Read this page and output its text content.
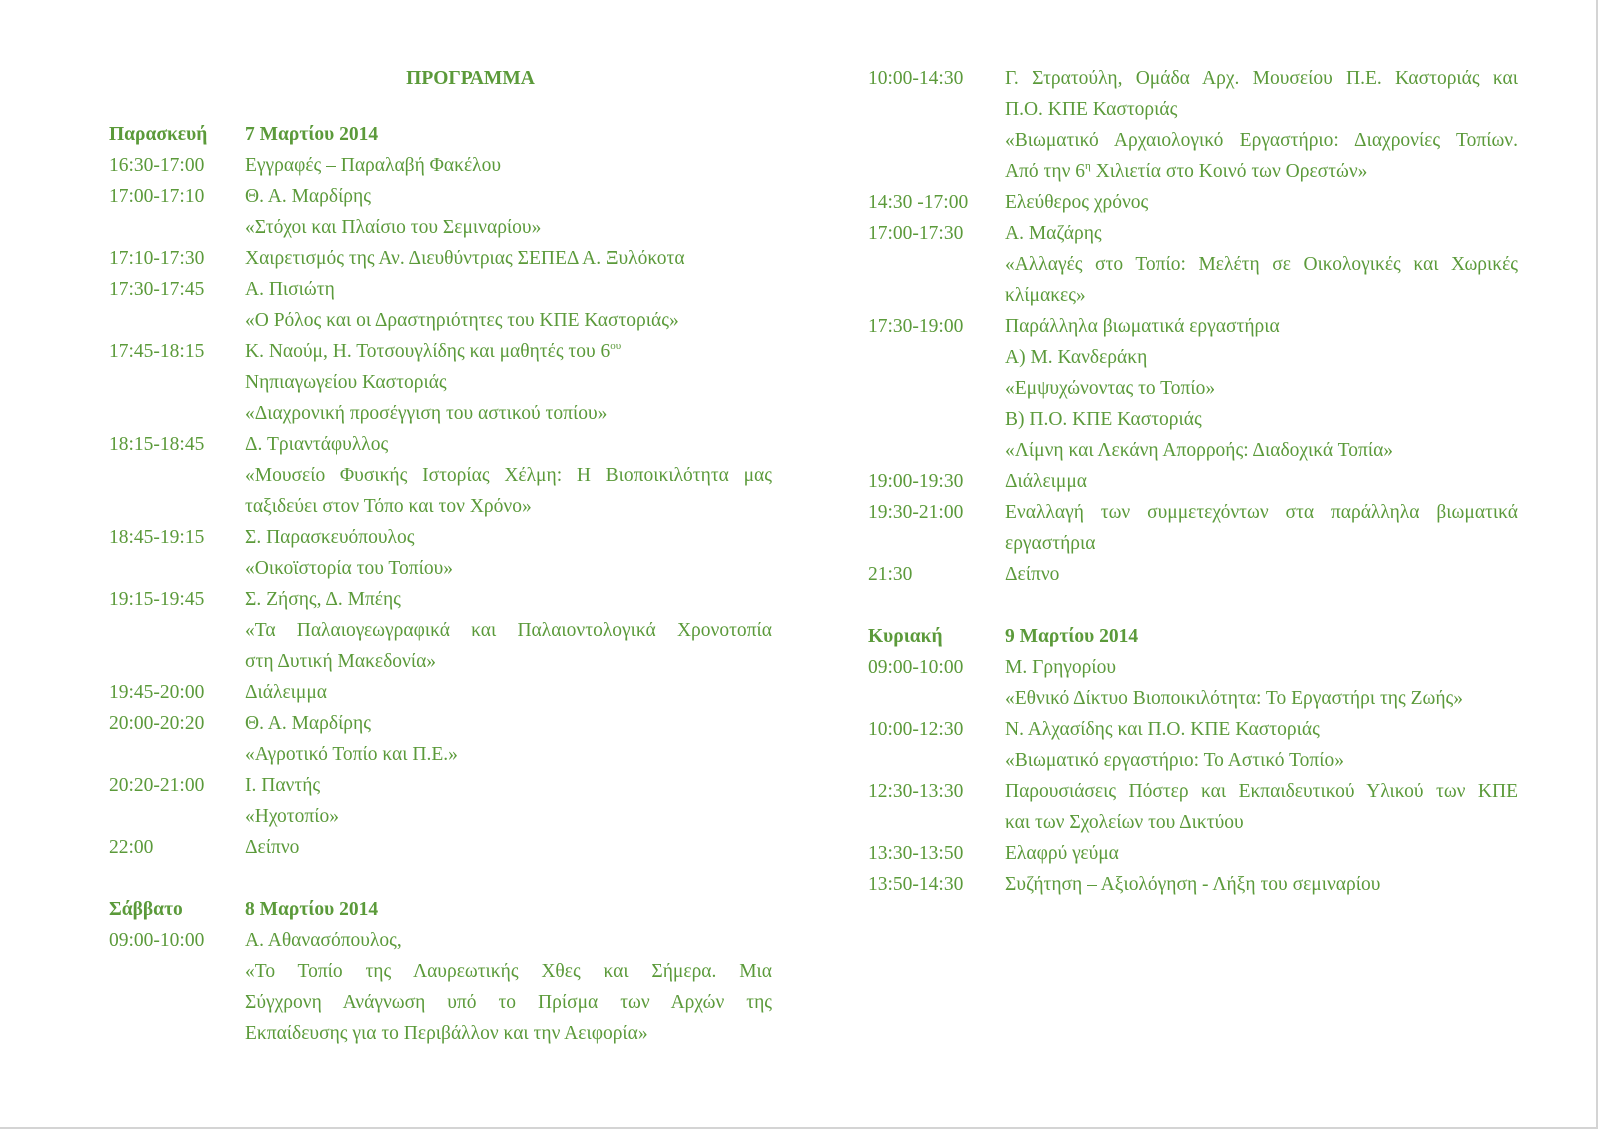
ΠΡΟΓΡΑΜΜΑ
Παρασκευή	7 Μαρτίου 2014
16:30-17:00	Εγγραφές – Παραλαβή Φακέλου
17:00-17:10	Θ. Α. Μαρδίρης
«Στόχοι και Πλαίσιο του Σεμιναρίου»
17:10-17:30	Χαιρετισμός της Αν. Διευθύντριας ΣΕΠΕΔ Α. Ξυλόκοτα
17:30-17:45	Α. Πισιώτη
«Ο Ρόλος και οι Δραστηριότητες του ΚΠΕ Καστοριάς»
17:45-18:15	Κ. Ναούμ, Η. Τοτσουγλίδης και μαθητές του $6^{o\upsilon}$
Νηπιαγωγείου Καστοριάς
«Διαχρονική προσέγγιση του αστικού τοπίου»
18:15-18:45	Δ. Τριαντάφυλλος
«Μουσείο Φυσικής Ιστορίας Χέλμη: Η Βιοποικιλότητα μας
ταξιδεύει στον Τόπο και τον Χρόνο»
18:45-19:15	Σ. Παρασκευόπουλος
«Οικοϊστορία του Τοπίου»
19:15-19:45	Σ. Ζήσης, Δ. Μπέης
«Τα Παλαιογεωγραφικά και Παλαιοντολογικά Χρονοτοπία
στη Δυτική Μακεδονία»
19:45-20:00	Διάλειμμα
20:00-20:20	Θ. Α. Μαρδίρης
«Αγροτικό Τοπίο και Π.Ε.»
20:20-21:00	Ι. Παντής
«Ηχοτοπίο»
22:00	Δείπνο
Σάββατο	8 Μαρτίου 2014
09:00-10:00	Α. Αθανασόπουλος,
«Το Τοπίο της Λαυρεωτικής Χθες και Σήμερα. Μια
Σύγχρονη Ανάγνωση υπό το Πρίσμα των Αρχών της
Εκπαίδευσης για το Περιβάλλον και την Αειφορία»
10:00-14:30	Γ. Στρατούλη, Ομάδα Αρχ. Μουσείου Π.Ε. Καστοριάς και
Π.Ο. ΚΠΕ Καστοριάς
«Βιωματικό Αρχαιολογικό Εργαστήριο: Διαχρονίες Τοπίων.
Από την $6^\eta$ Χιλιετία στο Κοινό των Ορεστών»
14:30 -17:00	Ελεύθερος χρόνος
17:00-17:30	Α. Μαζάρης
«Αλλαγές στο Τοπίο: Μελέτη σε Οικολογικές και Χωρικές
κλίμακες»
17:30-19:00	Παράλληλα βιωματικά εργαστήρια
Α) Μ. Κανδεράκη
«Εμψυχώνοντας το Τοπίο»
Β) Π.Ο. ΚΠΕ Καστοριάς
«Λίμνη και Λεκάνη Απορροής: Διαδοχικά Τοπία»
19:00-19:30	Διάλειμμα
19:30-21:00	Εναλλαγή των συμμετεχόντων στα παράλληλα βιωματικά
εργαστήρια
21:30	Δείπνο
Κυριακή	9 Μαρτίου 2014
09:00-10:00	Μ. Γρηγορίου
«Εθνικό Δίκτυο Βιοποικιλότητα: Το Εργαστήρι της Ζωής»
10:00-12:30	Ν. Αλχασίδης και Π.Ο. ΚΠΕ Καστοριάς
«Βιωματικό εργαστήριο: Το Αστικό Τοπίο»
12:30-13:30	Παρουσιάσεις Πόστερ και Εκπαιδευτικού Υλικού των ΚΠΕ
και των Σχολείων του Δικτύου
13:30-13:50	Ελαφρύ γεύμα
13:50-14:30	Συζήτηση – Αξιολόγηση - Λήξη του σεμιναρίου
